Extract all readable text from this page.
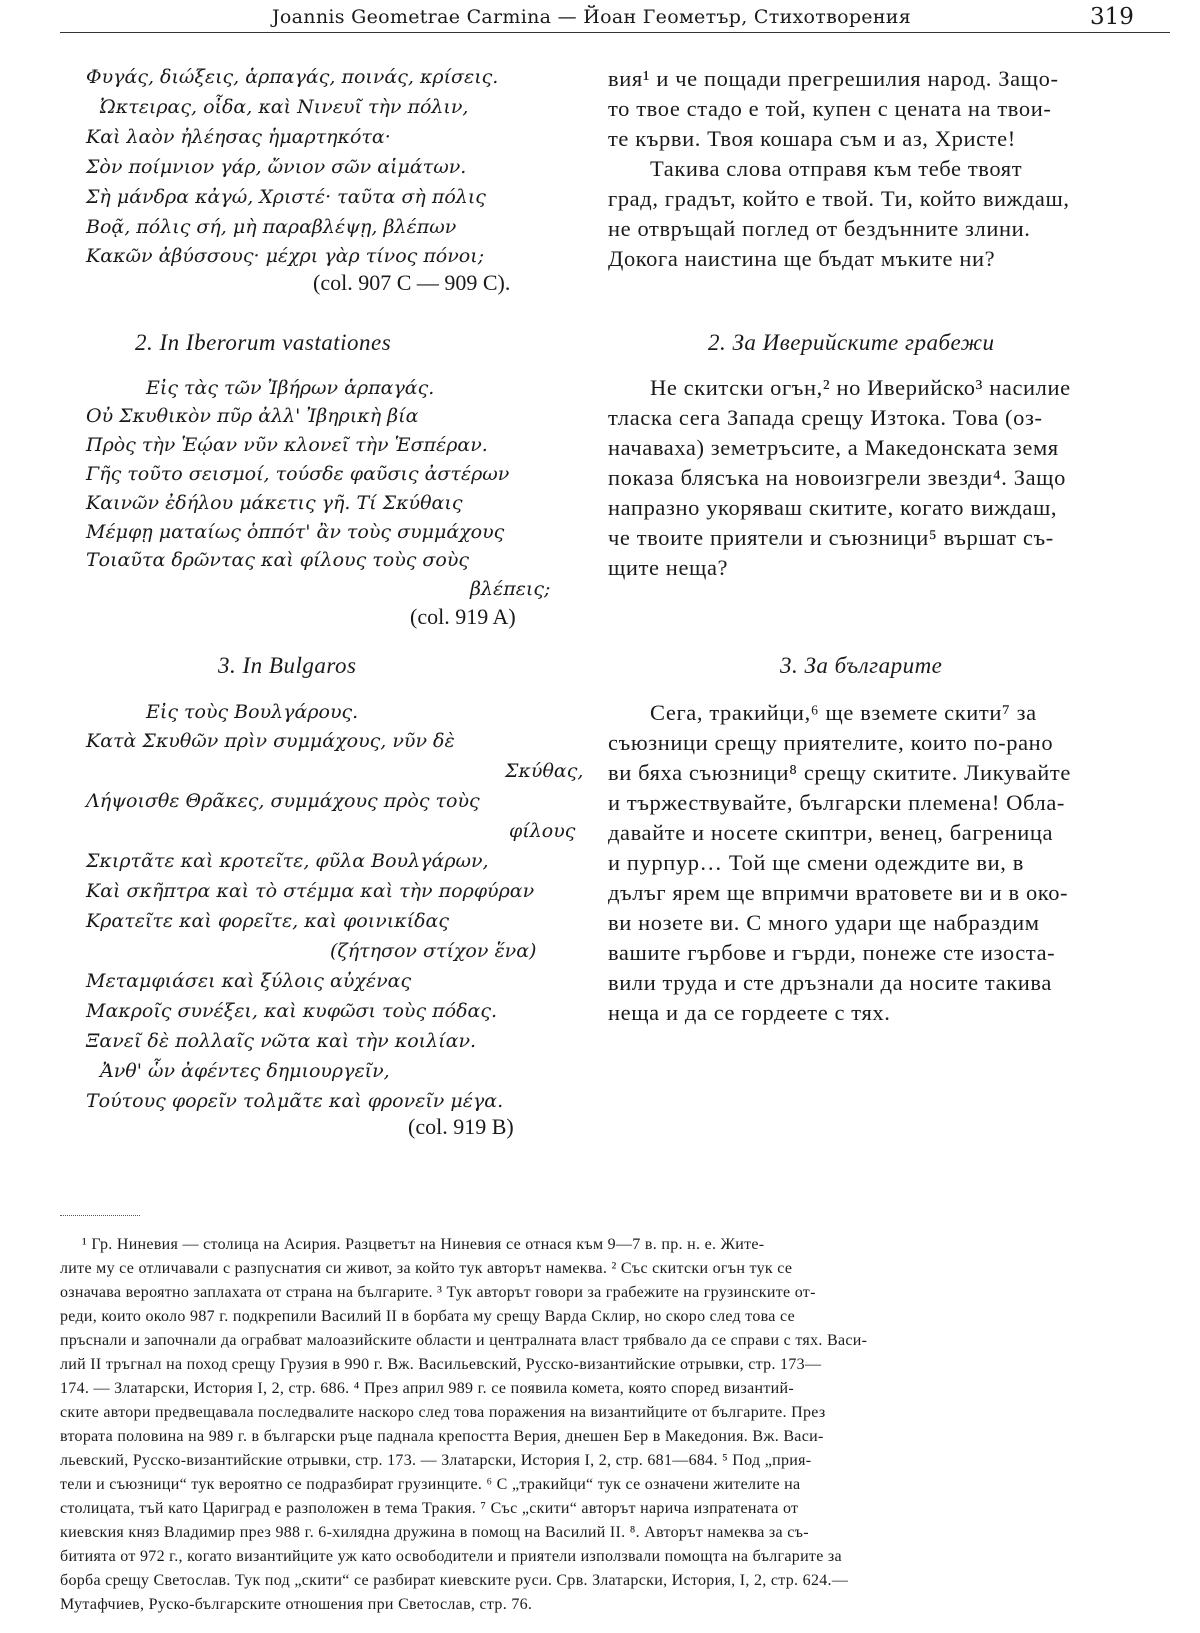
Joannis Geometrae Carmina — Йоан Геометър, Стихотворения	319
Φυγάς, διώξεις, ἁρπαγάς, ποινάς, κρίσεις.
Ὠκτειρας, οἶδα, καὶ Νινευῖ τὴν πόλιν,
Καὶ λαὸν ἠλέησας ἡμαρτηκότα·
Σὸν ποίμνιον γάρ, ὤνιον σῶν αἱμάτων.
Σὴ μάνδρα κἀγώ, Χριστέ· ταῦτα σὴ πόλις
Βοᾷ, πόλις σή, μὴ παραβλέψῃ, βλέπων
Κακῶν ἀβύσσους· μέχρι γὰρ τίνος πόνοι;
(col. 907 C — 909 C).
2. In Iberorum vastationes
Εἰς τὰς τῶν Ἰβήρων ἁρπαγάς.
Οὐ Σκυθικὸν πῦρ ἀλλ' Ἰβηρικὴ βία
Πρὸς τὴν Ἑῴαν νῦν κλονεῖ τὴν Ἑσπέραν.
Γῆς τοῦτο σεισμοί, τούσδε φαῦσις ἀστέρων
Καινῶν ἐδήλου μάκετις γῆ. Τί Σκύθαις
Μέμφῃ ματαίως ὁππότ' ἂν τοὺς συμμάχους
Τοιαῦτα δρῶντας καὶ φίλους τοὺς σοὺς
βλέπεις;
(col. 919 A)
3. In Bulgaros
Εἰς τοὺς Βουλγάρους.
Κατὰ Σκυθῶν πρὶν συμμάχους, νῦν δὲ
Σκύθας,
Λήψοισθε Θρᾶκες, συμμάχους πρὸς τοὺς
φίλους
Σκιρτᾶτε καὶ κροτεῖτε, φῦλα Βουλγάρων,
Καὶ σκῆπτρα καὶ τὸ στέμμα καὶ τὴν πορφύραν
Κρατεῖτε καὶ φορεῖτε, καὶ φοινικίδας
(ζήτησον στίχον ἕνα)
Μεταμφιάσει καὶ ξύλοις αὐχένας
Μακροῖς συνέξει, καὶ κυφῶσι τοὺς πόδας.
Ξανεῖ δὲ πολλαῖς νῶτα καὶ τὴν κοιλίαν.
Ἀνθ' ὧν ἀφέντες δημιουργεῖν,
Τούτους φορεῖν τολμᾶτε καὶ φρονεῖν μέγα.
(col. 919 B)
вия¹ и че пощади прегрешилия народ. Защо-
то твое стадо е той, купен с цената на твои-
те кърви. Твоя кошара съм и аз, Христе!
Такива слова отправя към тебе твоят
град, градът, който е твой. Ти, който виждаш,
не отвръщай поглед от бездънните злини.
Докога наистина ще бъдат мъките ни?
2. За Иверийските грабежи
Не скитски огън,² но Иверийско³ насилие
тласка сега Запада срещу Изтока. Това (оз-
начаваха) земетръсите, а Македонската земя
показа блясъка на новоизгрели звезди⁴. Защо
напразно укоряваш скитите, когато виждаш,
че твоите приятели и съюзници⁵ вършат съ-
щите неща?
3. За българите
Сега, тракийци,⁶ ще вземете скити⁷ за
съюзници срещу приятелите, които по-рано
ви бяха съюзници⁸ срещу скитите. Ликувайте
и тържествувайте, български племена! Обла-
давайте и носете скиптри, венец, багреница
и пурпур… Той ще смени одеждите ви, в
дълъг ярем ще впримчи вратовете ви и в око-
ви нозете ви. С много удари ще набраздим
вашите гърбове и гърди, понеже сте изоста-
вили труда и сте дръзнали да носите такива
неща и да се гордеете с тях.
¹ Гр. Ниневия — столица на Асирия. Разцветът на Ниневия се отнася към 9—7 в. пр. н. е. Жите-
лите му се отличавали с разпуснатия си живот, за който тук авторът намеква. ² Със скитски огън тук се
означава вероятно заплахата от страна на българите. ³ Тук авторът говори за грабежите на грузинските от-
реди, които около 987 г. подкрепили Василий II в борбата му срещу Варда Склир, но скоро след това се
пръснали и започнали да ограбват малоазийските области и централната власт трябвало да се справи с тях. Васи-
лий II тръгнал на поход срещу Грузия в 990 г. Вж. Васильевский, Русско-византийские отрывки, стр. 173—
174. — Златарски, История I, 2, стр. 686. ⁴ През април 989 г. се появила комета, която според византий-
ските автори предвещавала последвалите наскоро след това поражения на византийците от българите. През
втората половина на 989 г. в български ръце паднала крепостта Верия, днешен Бер в Македония. Вж. Васи-
льевский, Русско-византийские отрывки, стр. 173. — Златарски, История I, 2, стр. 681—684. ⁵ Под „прия-
тели и съюзници“ тук вероятно се подразбират грузинците. ⁶ С „тракийци“ тук се означени жителите на
столицата, тъй като Цариград е разположен в тема Тракия. ⁷ Със „скити“ авторът нарича изпратената от
киевския княз Владимир през 988 г. 6-хилядна дружина в помощ на Василий II. ⁸. Авторът намеква за съ-
битията от 972 г., когато византийците уж като освободители и приятели използвали помощта на българите за
борба срещу Светослав. Тук под „скити“ се разбират киевските руси. Срв. Златарски, История, I, 2, стр. 624.—
Мутафчиев, Руско-българските отношения при Светослав, стр. 76.
